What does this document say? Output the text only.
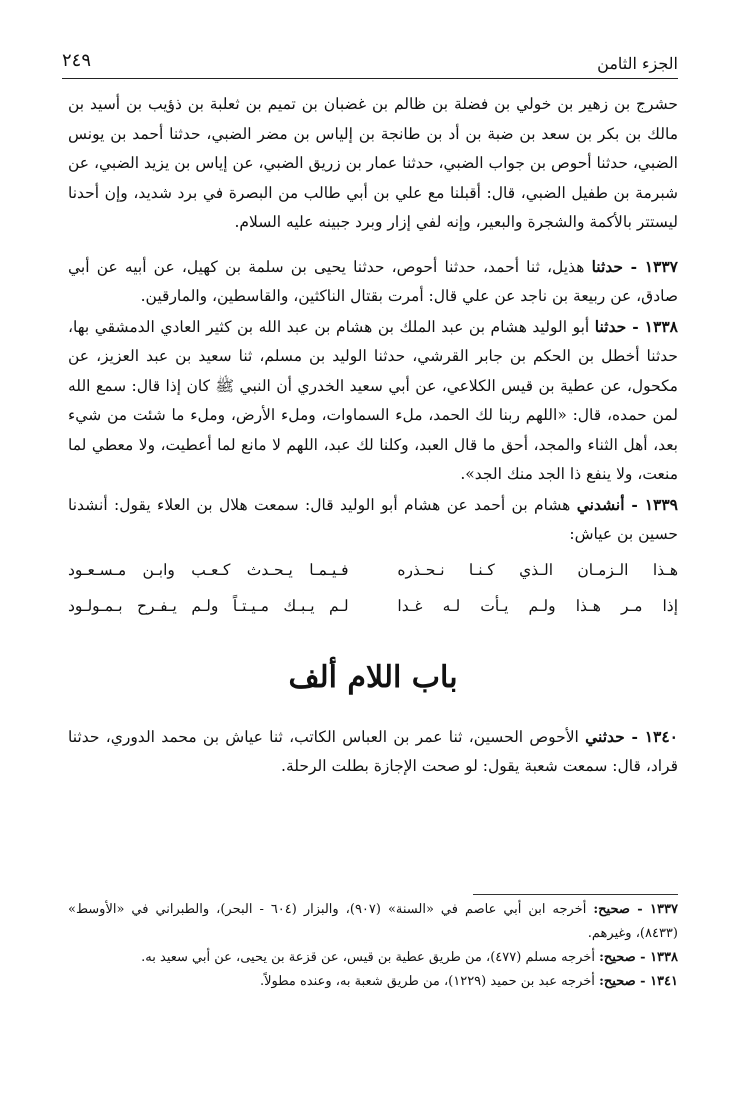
الجزء الثامن
٢٤٩

حشرج بن زهير بن خولي بن فضلة بن ظالم بن غضبان بن تميم بن ثعلبة بن ذؤيب بن أسيد بن مالك بن بكر بن سعد بن ضبة بن أد بن طانجة بن إلياس بن مضر الضبي، حدثنا أحمد بن يونس الضبي، حدثنا أحوص بن جواب الضبي، حدثنا عمار بن زريق الضبي، عن إياس بن يزيد الضبي، عن شبرمة بن طفيل الضبي، قال: أقبلنا مع علي بن أبي طالب من البصرة في برد شديد، وإن أحدنا ليستتر بالأكمة والشجرة والبعير، وإنه لفي إزار وبرد جبينه عليه السلام.

١٣٣٧ - حدثنا هذيل، ثنا أحمد، حدثنا أحوص، حدثنا يحيى بن سلمة بن كهيل، عن أبيه عن أبي صادق، عن ربيعة بن ناجد عن علي قال: أمرت بقتال الناكثين، والقاسطين، والمارقين.

١٣٣٨ - حدثنا أبو الوليد هشام بن عبد الملك بن هشام بن عبد الله بن كثير العادي الدمشقي بها، حدثنا أخطل بن الحكم بن جابر القرشي، حدثنا الوليد بن مسلم، ثنا سعيد بن عبد العزيز، عن مكحول، عن عطية بن قيس الكلاعي، عن أبي سعيد الخدري أن النبي ﷺ كان إذا قال: سمع الله لمن حمده، قال: «اللهم ربنا لك الحمد، ملء السماوات، وملء الأرض، وملء ما شئت من شيء بعد، أهل الثناء والمجد، أحق ما قال العبد، وكلنا لك عبد، اللهم لا مانع لما أعطيت، ولا معطي لما منعت، ولا ينفع ذا الجد منك الجد».

١٣٣٩ - أنشدني هشام بن أحمد عن هشام أبو الوليد قال: سمعت هلال بن العلاء يقول: أنشدنا حسين بن عياش:

هـذا الـزمـان الـذي كـنـا نـحـذره
فـيـمـا يـحـدث كـعـب وابـن مـسـعـود
إذا مـر هـذا ولـم يـأت لـه غـدا
لـم يـبـك مـيـتـاً ولـم يـفـرح بـمـولـود
باب اللام ألف

١٣٤٠ - حدثني الأحوص الحسين، ثنا عمر بن العباس الكاتب، ثنا عياش بن محمد الدوري، حدثنا قراد، قال: سمعت شعبة يقول: لو صحت الإجازة بطلت الرحلة.

١٣٣٧ - صحيح: أخرجه ابن أبي عاصم في «السنة» (٩٠٧)، والبزار (٦٠٤ - البحر)، والطبراني في «الأوسط» (٨٤٣٣)، وغيرهم.

١٣٣٨ - صحيح: أخرجه مسلم (٤٧٧)، من طريق عطية بن قيس، عن قزعة بن يحيى، عن أبي سعيد به.

١٣٤١ - صحيح: أخرجه عبد بن حميد (١٢٢٩)، من طريق شعبة به، وعنده مطولاً.
